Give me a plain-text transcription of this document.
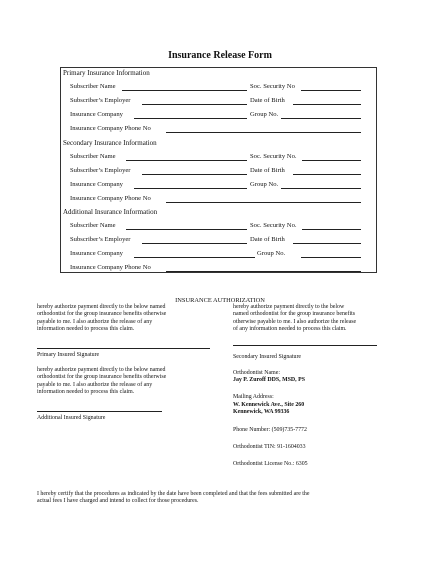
Insurance Release Form
Primary Insurance Information
Subscriber Name	Soc. Security No
Subscriber’s Employer	Date of Birth
Insurance Company	Group No.
Insurance Company Phone No
Secondary Insurance Information
Subscriber Name	Soc. Security No.
Subscriber’s Employer	Date of Birth
Insurance Company	Group No.
Insurance Company Phone No
Additional Insurance Information
Subscriber Name	Soc. Security No.
Subscriber’s Employer	Date of Birth
Insurance Company	Group No.
Insurance Company Phone No
INSURANCE AUTHORIZATION
hereby authorize payment directly to the below named
orthodontist for the group insurance benefits otherwise
payable to me. I also authorize the release of any
information needed to process this claim.
hereby authorize payment directly to the below
named orthodontist for the group insurance benefits
otherwise payable to me. I also authorize the release
of any information needed to process this claim.
Primary Insured Signature	Secondary Insured Signature
hereby authorize payment directly to the below named
orthodontist for the group insurance benefits otherwise
payable to me. I also authorize the release of any
information needed to process this claim.
Additional Insured Signature
Orthodontist Name:
Jay P. Zuroff DDS, MSD, PS
Mailing Address:
W. Kennewick Ave., Site 260
Kennewick, WA 99336
Phone Number: (509)735-7772
Orthodontist TIN: 91-1604033
Orthodontist License No.: 6305
I hereby certify that the procedures as indicated by the date have been completed and that the fees submitted are the
actual fees I have charged and intend to collect for those procedures.
